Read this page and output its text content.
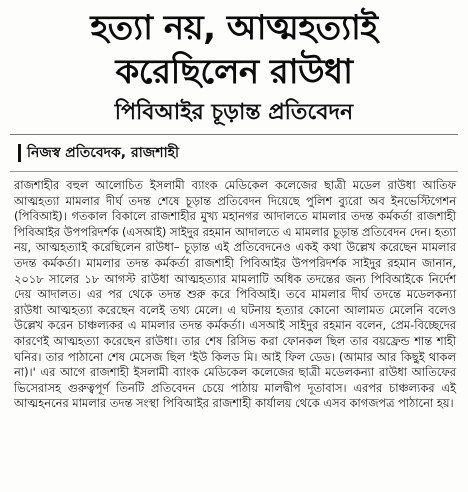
হত্যা নয়, আত্মহত্যাই
করেছিলেন রাউধা
পিবিআইর চূড়ান্ত প্রতিবেদন
নিজস্ব প্রতিবেদক, রাজশাহী

রাজশাহীর বহুল আলোচিত ইসলামী ব্যাংক মেডিকেল কলেজের ছাত্রী মডেল রাউধা আতিফ আত্মহত্যা মামলার দীর্ঘ তদন্ত শেষে চূড়ান্ত প্রতিবেদন দিয়েছে পুলিশ ব্যুরো অব ইনভেস্টিগেশন (পিবিআই)। গতকাল বিকালে রাজশাহীর মুখ্য মহানগর আদালতে মামলার তদন্ত কর্মকর্তা রাজশাহী পিবিআইর উপপরিদর্শক (এসআই) সাইদুর রহমান আদালতে এ মামলার চূড়ান্ত প্রতিবেদন দেন। হত্যা নয়, আত্মহত্যাই করেছিলেন রাউধা– চূড়ান্ত এই প্রতিবেদনেও একই কথা উল্লেখ করেছেন মামলার তদন্ত কর্মকর্তা। মামলার তদন্ত কর্মকর্তা রাজশাহী পিবিআইর উপপরিদর্শক সাইদুর রহমান জানান, ২০১৮ সালের ১৮ আগস্ট রাউধা আত্মহত্যার মামলাটি অধিক তদন্তের জন্য পিবিআইকে নির্দেশ দেয় আদালত। এর পর থেকে তদন্ত শুরু করে পিবিআই। তবে মামলার দীর্ঘ তদন্তে মডেলকন্যা রাউধা আত্মহত্যা করেছেন বলেই তথ্য মেলে। এ ঘটনায় হত্যার কোনো আলামত মেলেনি বলেও উল্লেখ করেন চাঞ্চল্যকর এ মামলার তদন্ত কর্মকর্তা। এসআই সাইদুর রহমান বলেন, প্রেম-বিচ্ছেদের কারণেই আত্মহত্যা করেছেন রাউধা। তার শেষ রিসিভ করা ফোনকল ছিল তার বয়ফ্রেন্ড শান্ত শাহী ঘনির। তার পাঠানো শেষ মেসেজ ছিল 'ইউ কিলড মি। আই ফিল ডেড। (আমার আর কিছুই থাকল না)।' এর আগে রাজশাহী ইসলামী ব্যাংক মেডিকেল কলেজের ছাত্রী মডেলকন্যা রাউধা আতিফের ভিসেরাসহ গুরুত্বপূর্ণ তিনটি প্রতিবেদন চেয়ে পাঠায় মালদ্বীপ দূতাবাস। এরপর চাঞ্চল্যকর এই আত্মহননের মামলার তদন্ত সংস্থা পিবিআইর রাজশাহী কার্যালয় থেকে এসব কাগজপত্র পাঠানো হয়।
